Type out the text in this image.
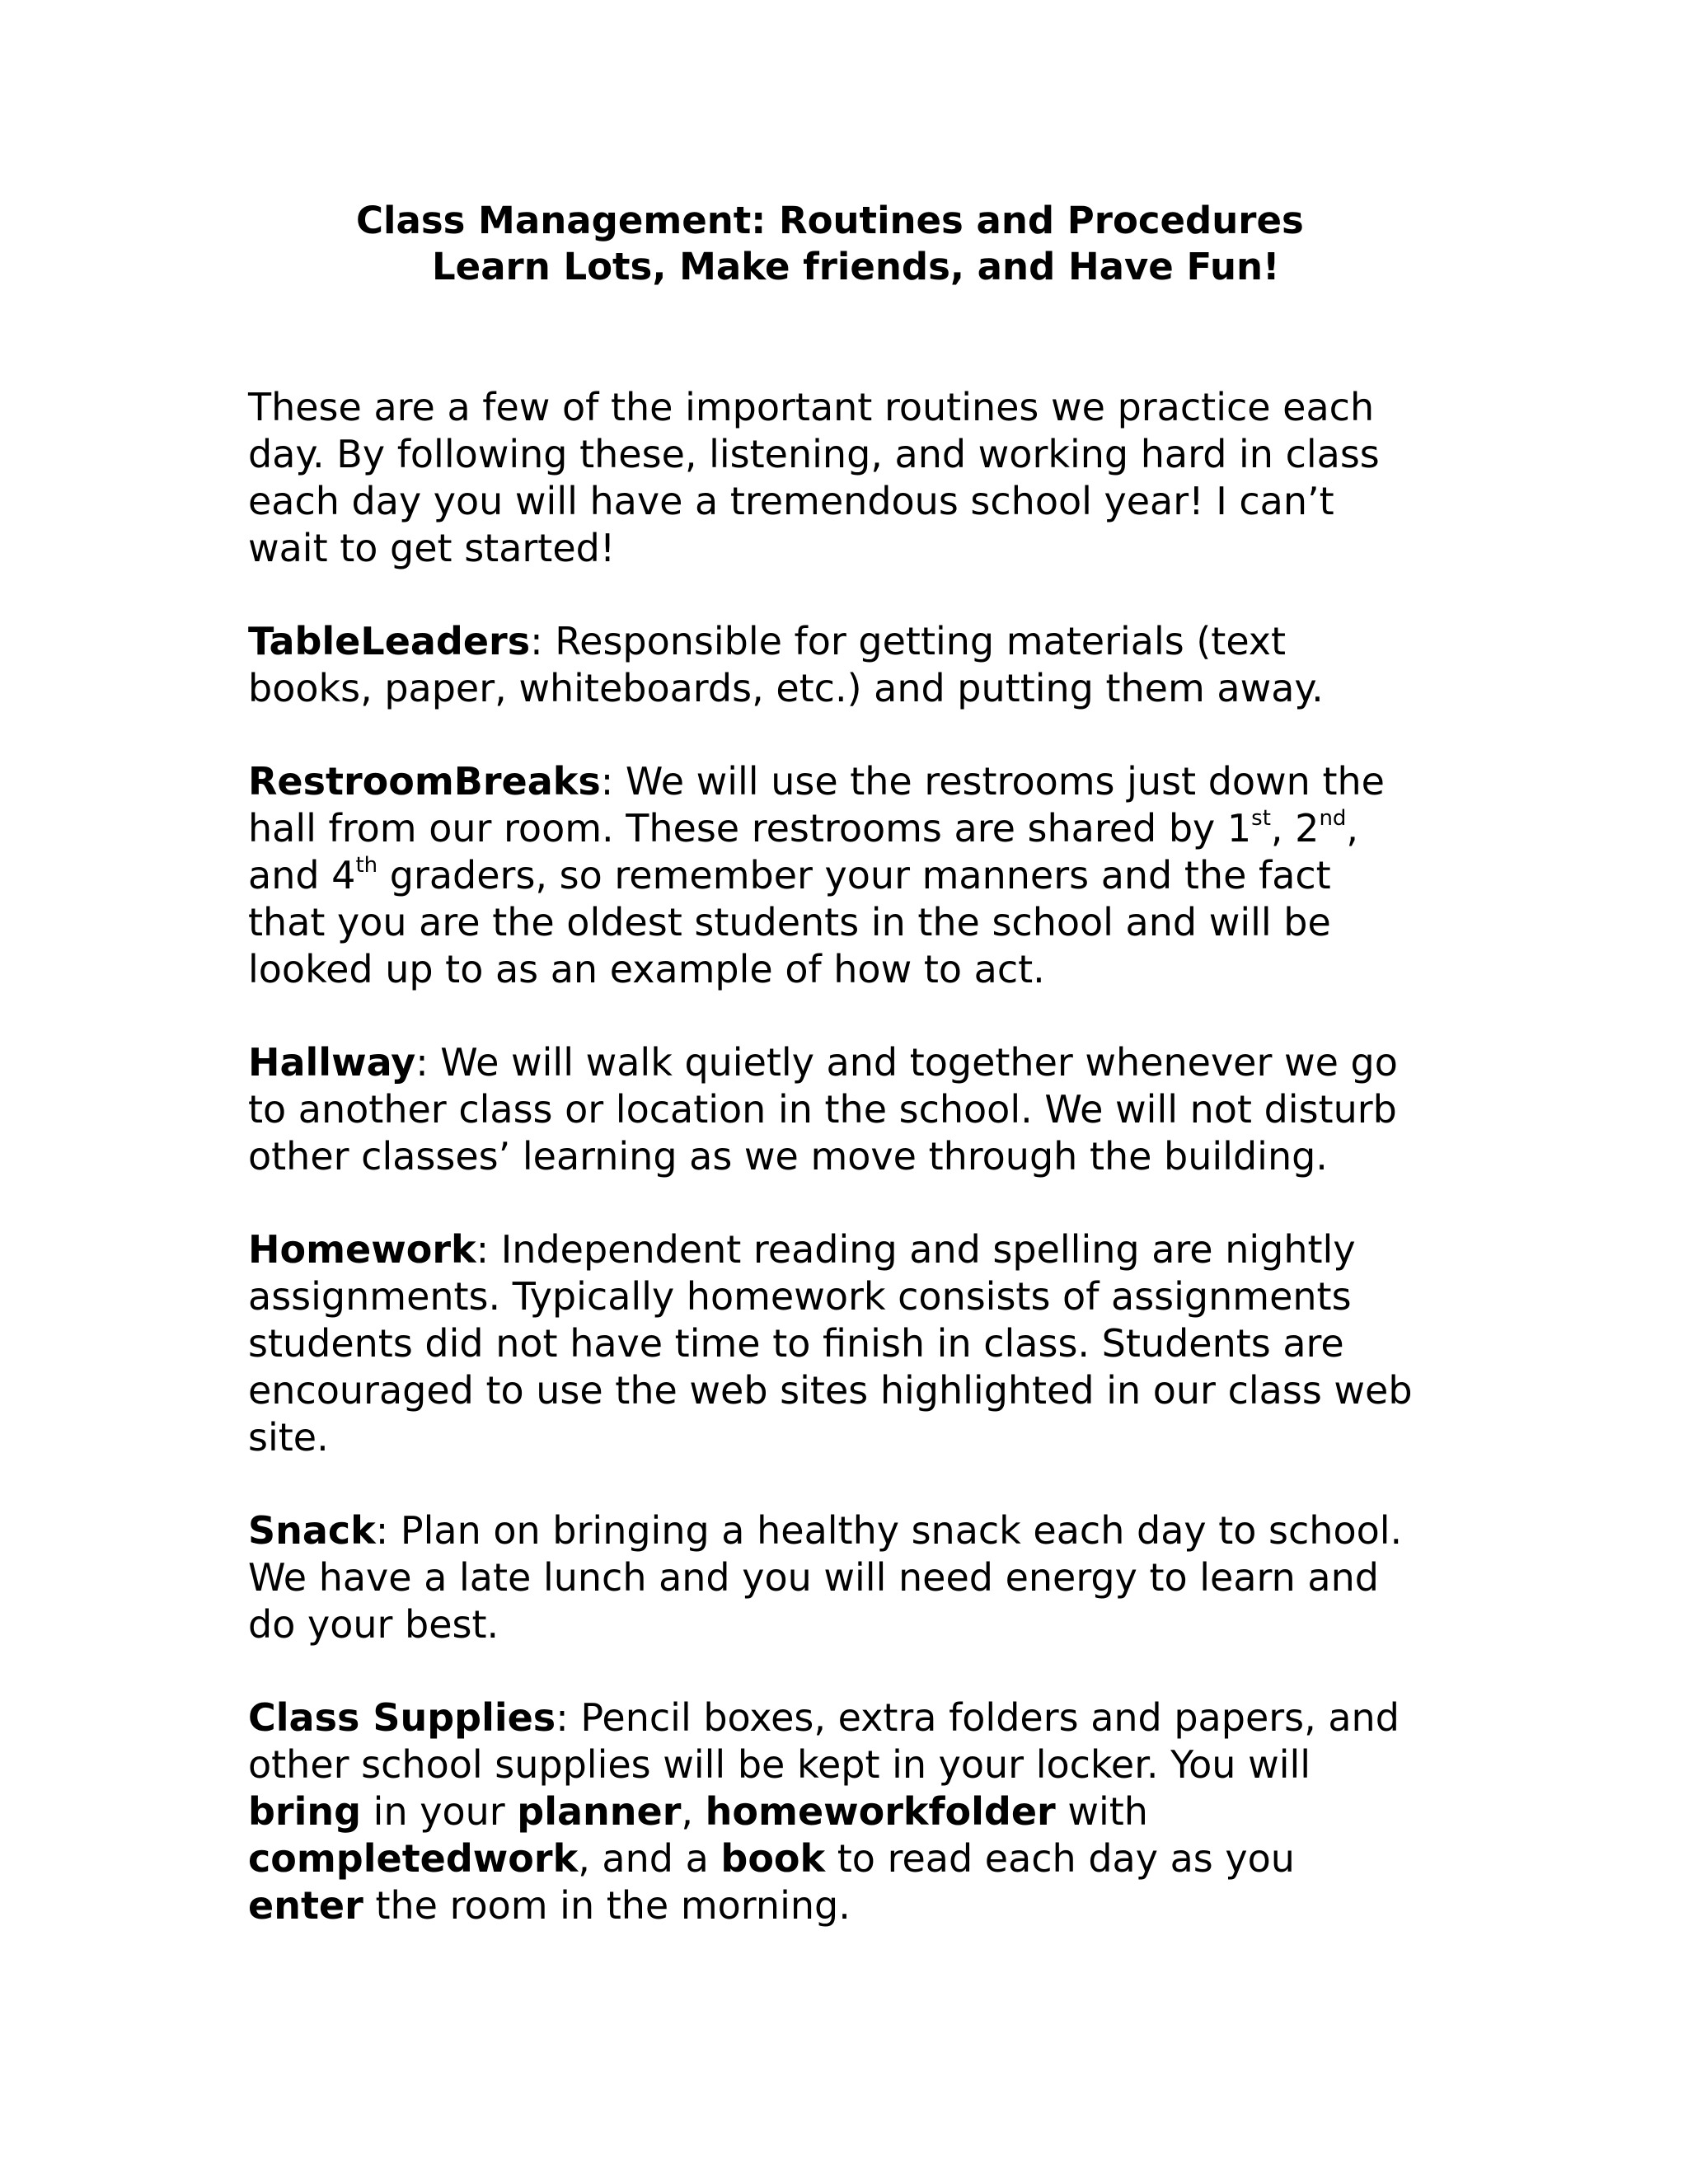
Class Management: Routines and Procedures
Learn Lots, Make friends, and Have Fun!

These are a few of the important routines we practice each
day. By following these, listening, and working hard in class
each day you will have a tremendous school year! I can’t
wait to get started!

TableLeaders: Responsible for getting materials (text
books, paper, whiteboards, etc.) and putting them away.

RestroomBreaks: We will use the restrooms just down the
hall from our room. These restrooms are shared by 1st, 2nd,
and 4th graders, so remember your manners and the fact
that you are the oldest students in the school and will be
looked up to as an example of how to act.

Hallway: We will walk quietly and together whenever we go
to another class or location in the school. We will not disturb
other classes’ learning as we move through the building.

Homework: Independent reading and spelling are nightly
assignments. Typically homework consists of assignments
students did not have time to finish in class. Students are
encouraged to use the web sites highlighted in our class web
site.

Snack: Plan on bringing a healthy snack each day to school.
We have a late lunch and you will need energy to learn and
do your best.

Class Supplies: Pencil boxes, extra folders and papers, and
other school supplies will be kept in your locker. You will
bring in your planner, homeworkfolder with
completedwork, and a book to read each day as you
enter the room in the morning.
